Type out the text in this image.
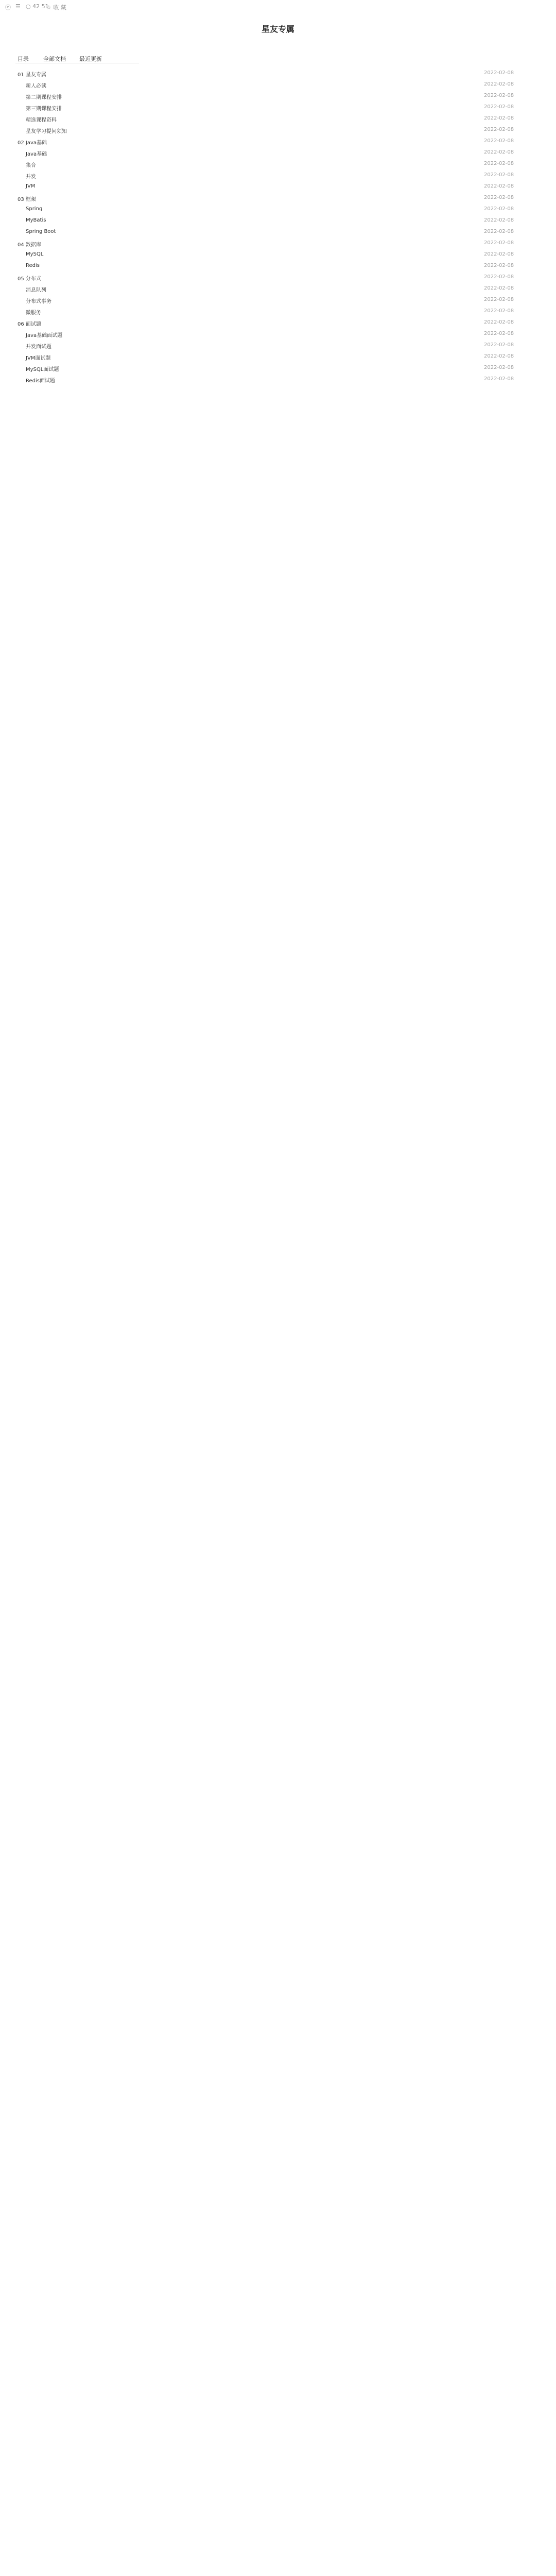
ⓔ ☰ ○ 42 51
☆ 收 藏
星友专属
目录	全部文档 最近更新
01 星友专属	2022-02-08
新人必读	2022-02-08
第二期课程安排	2022-02-08
第三期课程安排	2022-02-08
精选课程资料	2022-02-08
星友学习提问须知	2022-02-08
02 Java基础	2022-02-08
Java基础	2022-02-08
集合	2022-02-08
并发	2022-02-08
JVM	2022-02-08
03 框架	2022-02-08
Spring	2022-02-08
MyBatis	2022-02-08
Spring Boot	2022-02-08
04 数据库	2022-02-08
MySQL	2022-02-08
Redis	2022-02-08
05 分布式	2022-02-08
消息队列	2022-02-08
分布式事务	2022-02-08
微服务	2022-02-08
06 面试题	2022-02-08
Java基础面试题	2022-02-08
并发面试题	2022-02-08
JVM面试题	2022-02-08
MySQL面试题	2022-02-08
Redis面试题	2022-02-08
